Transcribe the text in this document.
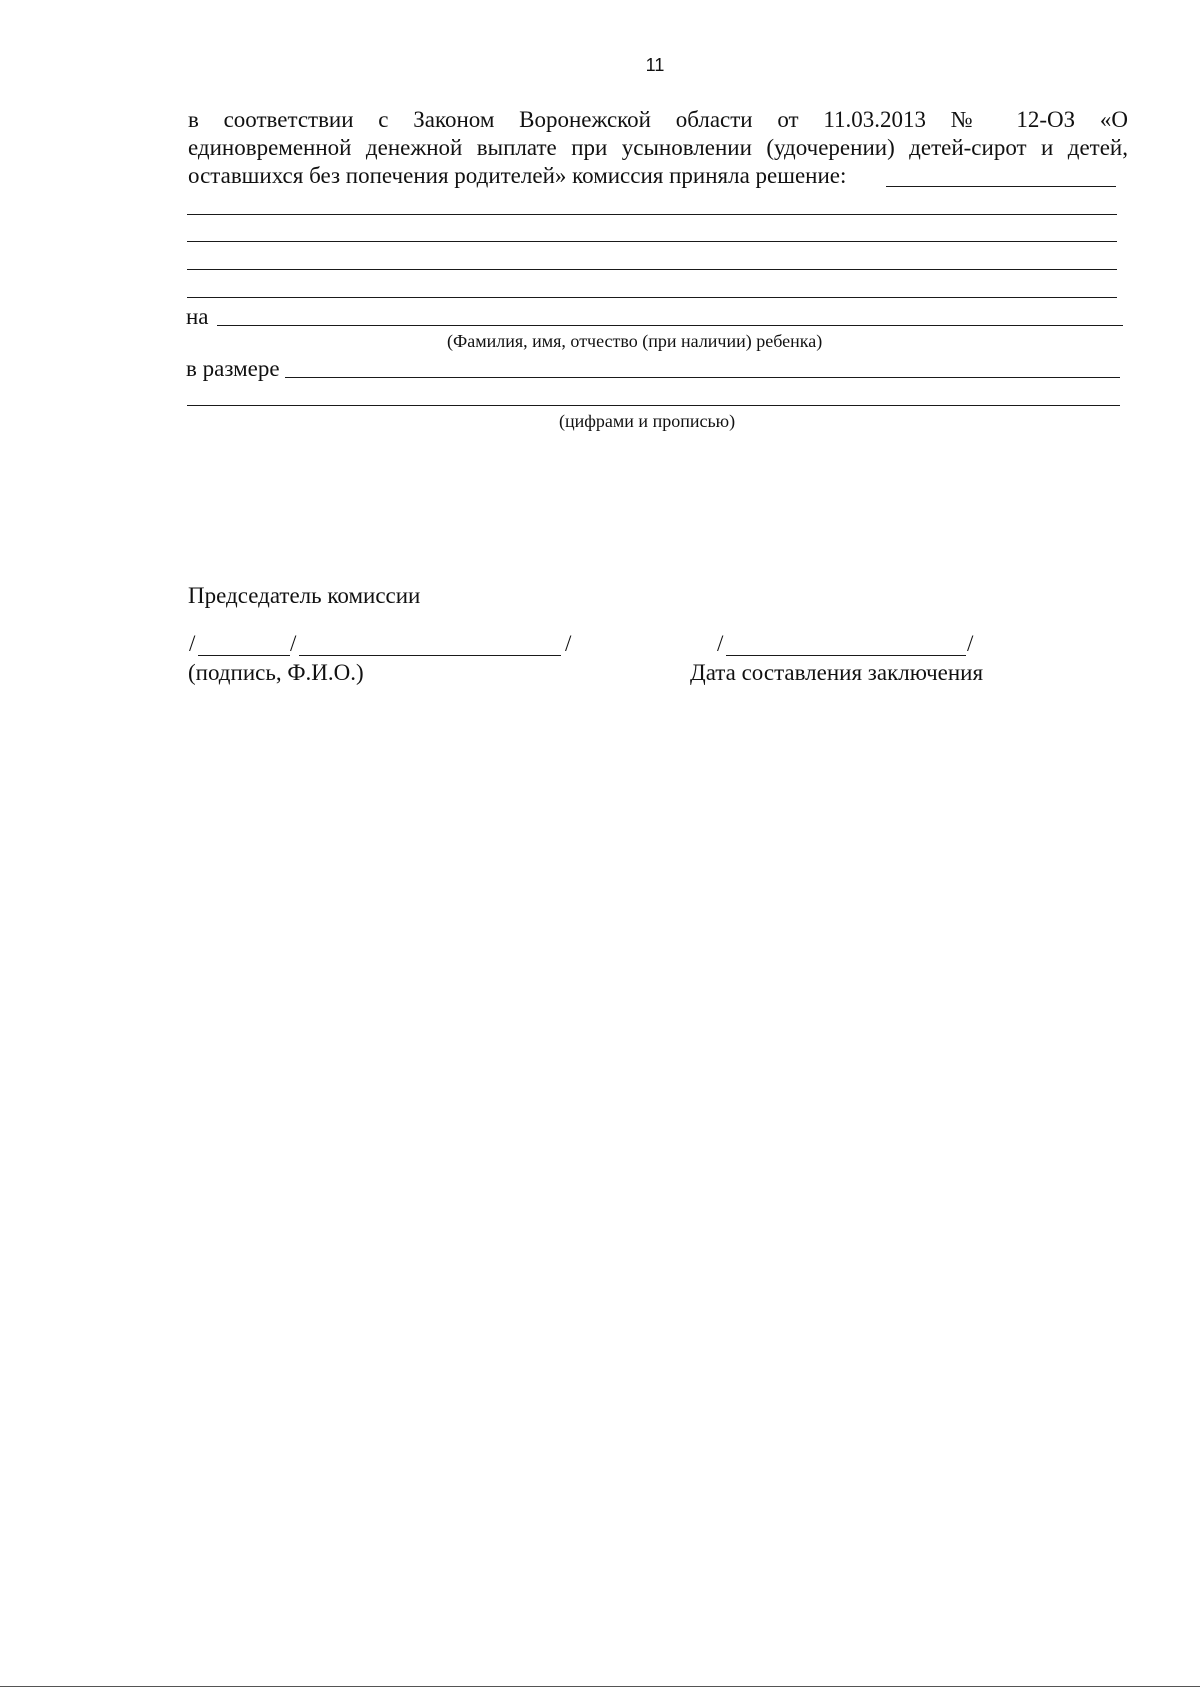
11
в соответствии с Законом Воронежской области от 11.03.2013 № 12-ОЗ «О
единовременной денежной выплате при усыновлении (удочерении) детей-сирот и детей,
оставшихся без попечения родителей» комиссия приняла решение:
на
(Фамилия, имя, отчество (при наличии) ребенка)
в размере
(цифрами и прописью)
Председатель комиссии
/	/	/
(подпись, Ф.И.О.)
/	/
Дата составления заключения
